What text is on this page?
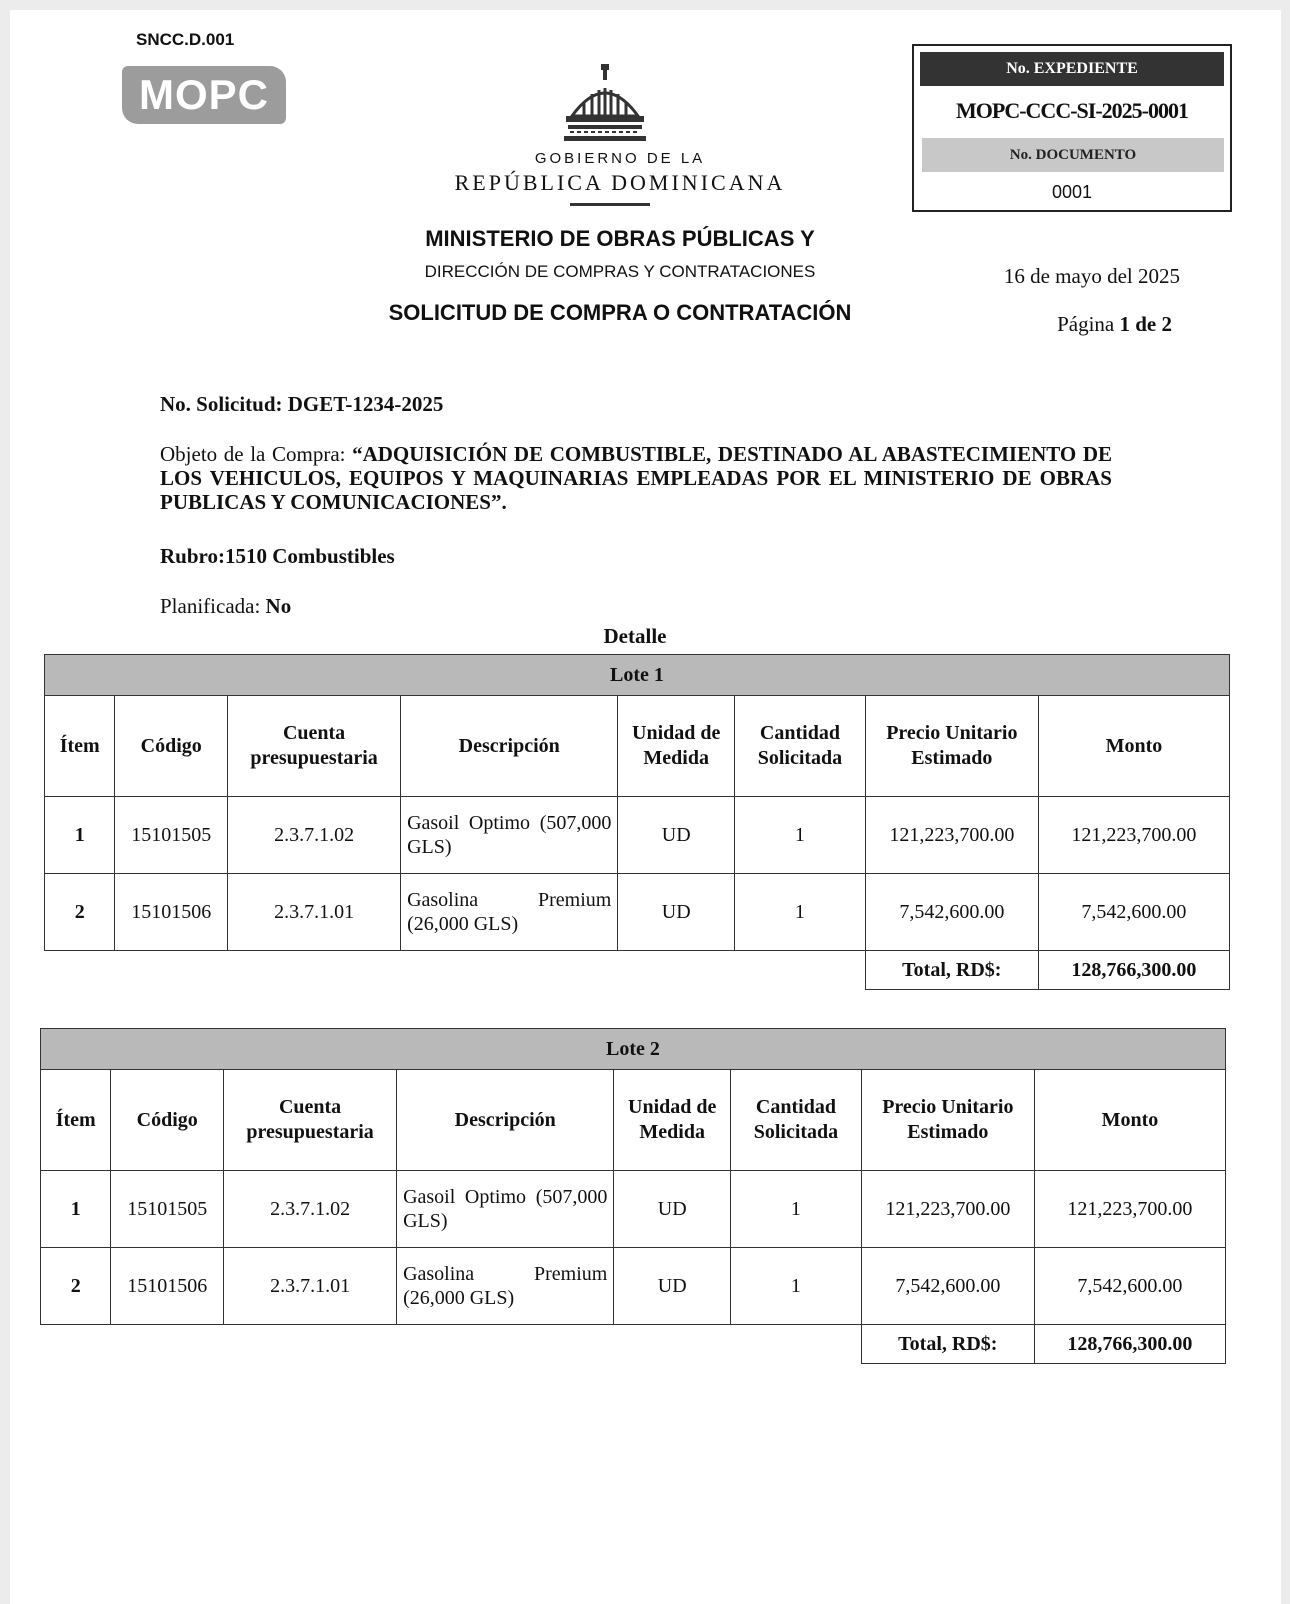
SNCC.D.001
MOPC
GOBIERNO DE LA
REPÚBLICA DOMINICANA
MINISTERIO DE OBRAS PÚBLICAS Y
DIRECCIÓN DE COMPRAS Y CONTRATACIONES
SOLICITUD DE COMPRA O CONTRATACIÓN
No. EXPEDIENTE
MOPC-CCC-SI-2025-0001
No. DOCUMENTO
0001
16 de mayo del 2025
Página 1 de 2
No. Solicitud: DGET-1234-2025
Objeto de la Compra: “ADQUISICIÓN DE COMBUSTIBLE, DESTINADO AL ABASTECIMIENTO DE LOS VEHICULOS, EQUIPOS Y MAQUINARIAS EMPLEADAS POR EL MINISTERIO DE OBRAS PUBLICAS Y COMUNICACIONES”.
Rubro:1510 Combustibles
Planificada: No
Detalle
Lote 1							
Ítem	Código	Cuenta presupuestaria	Descripción	Unidad de Medida	Cantidad Solicitada	Precio Unitario Estimado	Monto
1	15101505	2.3.7.1.02	Gasoil Optimo (507,000 GLS)	UD	1	121,223,700.00	121,223,700.00
2	15101506	2.3.7.1.01	Gasolina Premium (26,000 GLS)	UD	1	7,542,600.00	7,542,600.00
						Total, RD$:	128,766,300.00
Lote 2							
Ítem	Código	Cuenta presupuestaria	Descripción	Unidad de Medida	Cantidad Solicitada	Precio Unitario Estimado	Monto
1	15101505	2.3.7.1.02	Gasoil Optimo (507,000 GLS)	UD	1	121,223,700.00	121,223,700.00
2	15101506	2.3.7.1.01	Gasolina Premium (26,000 GLS)	UD	1	7,542,600.00	7,542,600.00
						Total, RD$:	128,766,300.00
